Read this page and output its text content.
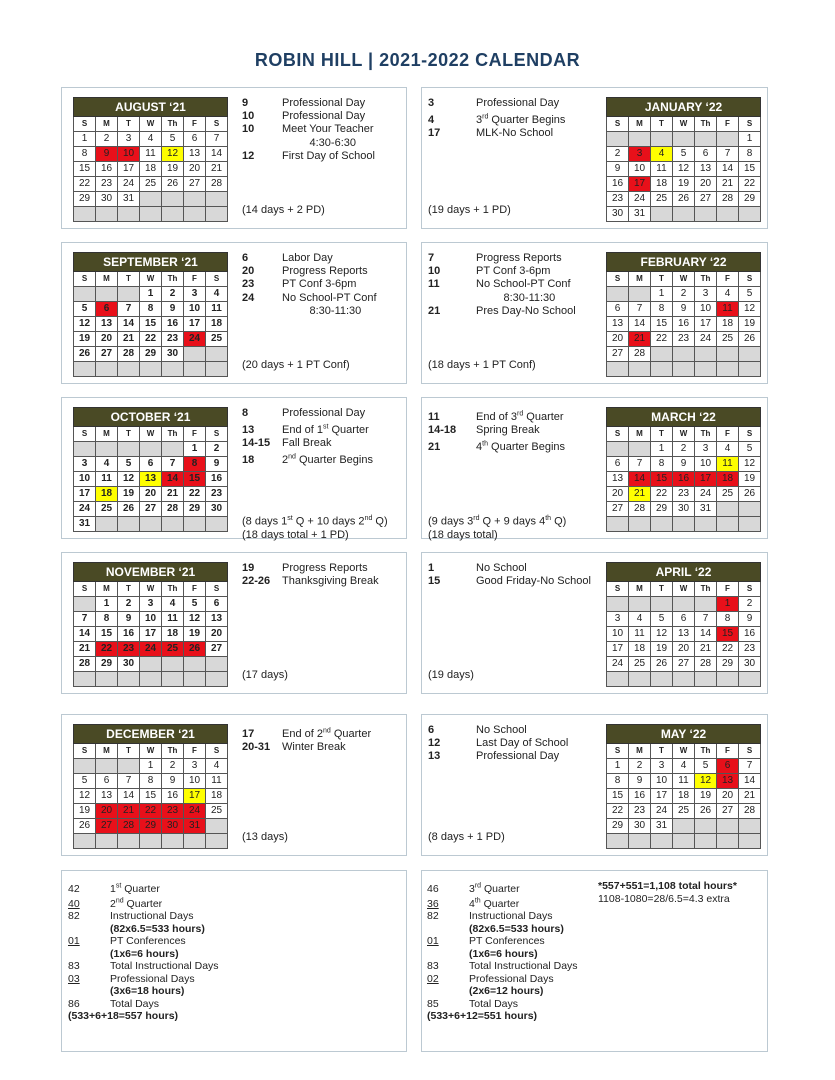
ROBIN HILL | 2021-2022 CALENDAR
AUGUST ‘21						
S	M	T	W	Th	F	S
1	2	3	4	5	6	7
8	9	10	11	12	13	14
15	16	17	18	19	20	21
22	23	24	25	26	27	28
29	30	31				

9	Professional Day
10	Professional Day
10	Meet Your Teacher
4:30-6:30
12	First Day of School
(14 days + 2 PD)
JANUARY ‘22						
S	M	T	W	Th	F	S
						1
2	3	4	5	6	7	8
9	10	11	12	13	14	15
16	17	18	19	20	21	22
23	24	25	26	27	28	29
30	31					
3	Professional Day
4	3rd Quarter Begins
17	MLK-No School
(19 days + 1 PD)
SEPTEMBER ‘21						
S	M	T	W	Th	F	S
			1	2	3	4
5	6	7	8	9	10	11
12	13	14	15	16	17	18
19	20	21	22	23	24	25
26	27	28	29	30		

6	Labor Day
20	Progress Reports
23	PT Conf 3-6pm
24	No School-PT Conf
8:30-11:30
(20 days + 1 PT Conf)
FEBRUARY ‘22						
S	M	T	W	Th	F	S
		1	2	3	4	5
6	7	8	9	10	11	12
13	14	15	16	17	18	19
20	21	22	23	24	25	26
27	28					

7	Progress Reports
10	PT Conf 3-6pm
11	No School-PT Conf
8:30-11:30
21	Pres Day-No School
(18 days + 1 PT Conf)
OCTOBER ‘21						
S	M	T	W	Th	F	S
					1	2
3	4	5	6	7	8	9
10	11	12	13	14	15	16
17	18	19	20	21	22	23
24	25	26	27	28	29	30
31						
8	Professional Day
13	End of 1st Quarter
14-15 Fall Break
18	2nd Quarter Begins
(8 days 1st Q + 10 days 2nd Q)
(18 days total + 1 PD)
MARCH ‘22						
S	M	T	W	Th	F	S
		1	2	3	4	5
6	7	8	9	10	11	12
13	14	15	16	17	18	19
20	21	22	23	24	25	26
27	28	29	30	31		

11	End of 3rd Quarter
14-18 Spring Break
21	4th Quarter Begins
(9 days 3rd Q + 9 days 4th Q)
(18 days total)
NOVEMBER ‘21						
S	M	T	W	Th	F	S
	1	2	3	4	5	6
7	8	9	10	11	12	13
14	15	16	17	18	19	20
21	22	23	24	25	26	27
28	29	30				

19	Progress Reports
22-26 Thanksgiving Break
(17 days)
APRIL ‘22						
S	M	T	W	Th	F	S
					1	2
3	4	5	6	7	8	9
10	11	12	13	14	15	16
17	18	19	20	21	22	23
24	25	26	27	28	29	30

1	No School
15	Good Friday-No School
(19 days)
DECEMBER ‘21						
S	M	T	W	Th	F	S
			1	2	3	4
5	6	7	8	9	10	11
12	13	14	15	16	17	18
19	20	21	22	23	24	25
26	27	28	29	30	31	

17	End of 2nd Quarter
20-31 Winter Break
(13 days)
MAY ‘22						
S	M	T	W	Th	F	S
1	2	3	4	5	6	7
8	9	10	11	12	13	14
15	16	17	18	19	20	21
22	23	24	25	26	27	28
29	30	31				

6	No School
12	Last Day of School
13	Professional Day
(8 days + 1 PD)
42	1st Quarter
40	2nd Quarter
82	Instructional Days
(82x6.5=533 hours)
01	PT Conferences
(1x6=6 hours)
83	Total Instructional Days
03	Professional Days
(3x6=18 hours)
86	Total Days
(533+6+18=557 hours)
46	3rd Quarter
36	4th Quarter
82	Instructional Days
(82x6.5=533 hours)
01	PT Conferences
(1x6=6 hours)
83	Total Instructional Days
02	Professional Days
(2x6=12 hours)
85	Total Days
(533+6+12=551 hours)
*557+551=1,108 total hours*
1108-1080=28/6.5=4.3 extra
